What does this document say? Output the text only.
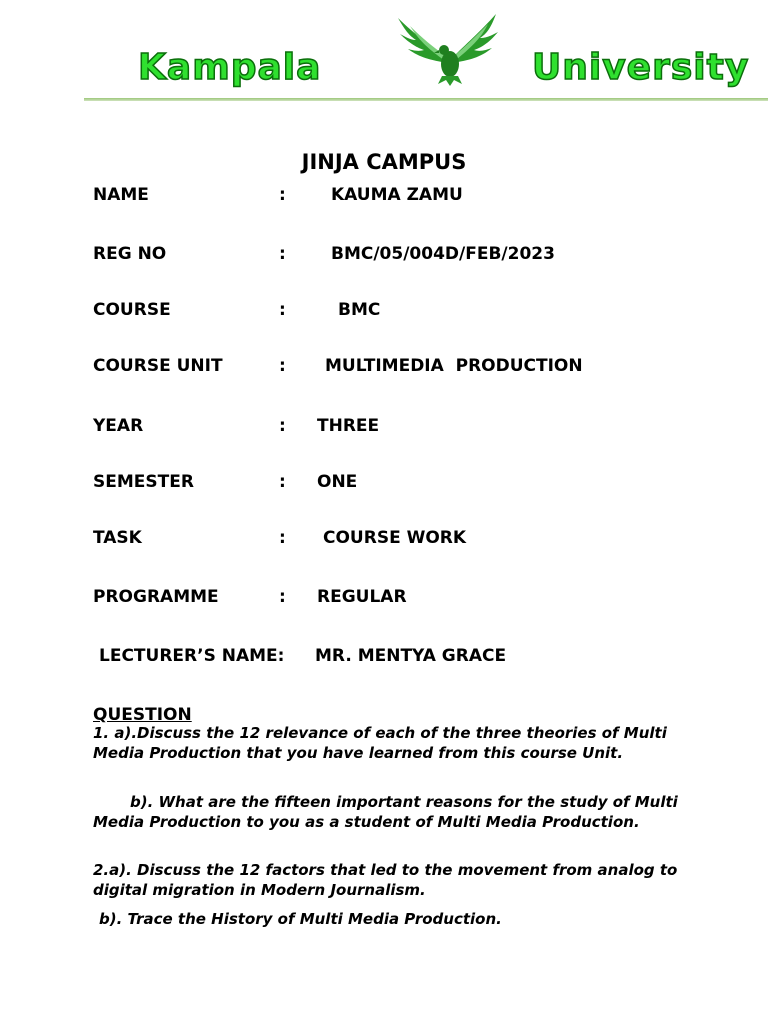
Kampala	University
JINJA CAMPUS
NAME	:	KAUMA ZAMU
REG NO	:	BMC/05/004D/FEB/2023
COURSE	:	BMC
COURSE UNIT	: MULTIMEDIA  PRODUCTION
YEAR	: THREE
SEMESTER	: ONE
TASK	: COURSE WORK
PROGRAMME	: REGULAR
LECTURER’S NAME: MR. MENTYA GRACE
QUESTION
1. a).Discuss the 12 relevance of each of the three theories of Multi Media Production that you have learned from this course Unit.
b). What are the fifteen important reasons for the study of Multi Media Production to you as a student of Multi Media Production.
2.a). Discuss the 12 factors that led to the movement from analog to digital migration in Modern Journalism.
b). Trace the History of Multi Media Production.
